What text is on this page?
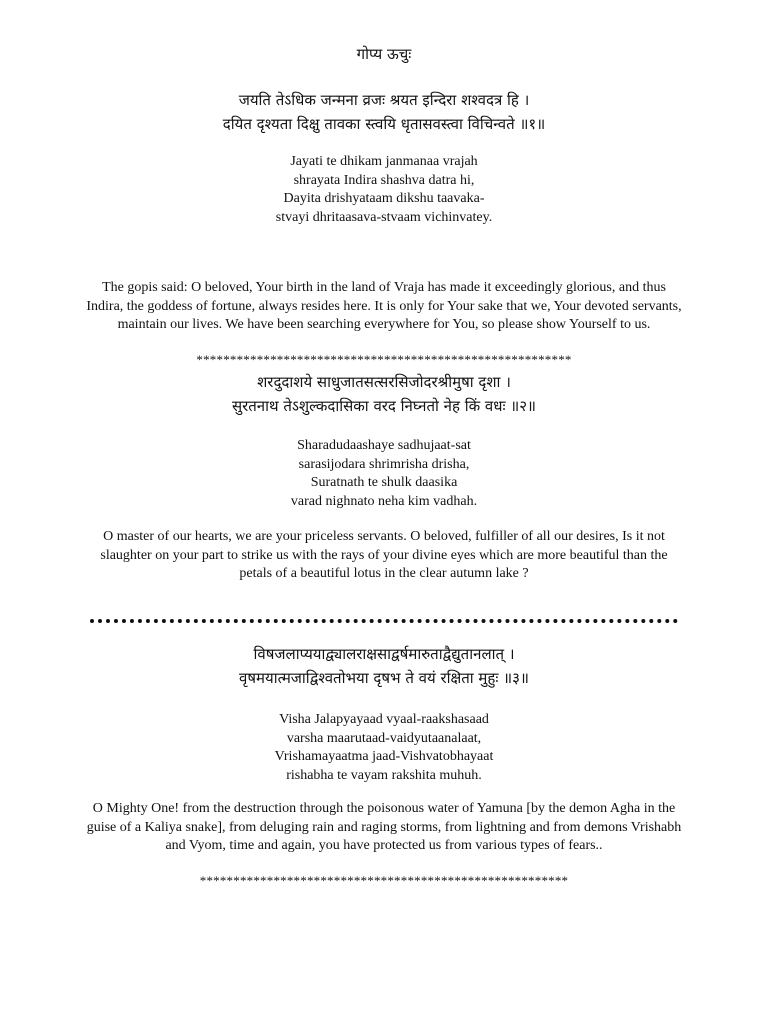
गोप्य ऊचुः
जयति तेऽधिक जन्मना व्रजः श्रयत इन्दिरा शश्वदत्र हि ।
दयित दृश्यता दिक्षु तावका स्त्वयि धृतासवस्त्वा विचिन्वते ॥१॥
Jayati te dhikam janmanaa vrajah
shrayata Indira shashva datra hi,
Dayita drishyataam dikshu taavaka-
stvayi dhritaasava-stvaam vichinvatey.
The gopis said: O beloved, Your birth in the land of Vraja has made it exceedingly glorious, and thus Indira, the goddess of fortune, always resides here. It is only for Your sake that we, Your devoted servants, maintain our lives. We have been searching everywhere for You, so please show Yourself to us.
********************************************************
शरदुदाशये साधुजातसत्सरसिजोदरश्रीमुषा दृशा ।
सुरतनाथ तेऽशुल्कदासिका वरद निघ्नतो नेह किं वधः ॥२॥
Sharadudaashaye sadhujaat-sat
sarasijodara shrimrisha drisha,
Suratnath te shulk daasika
varad nighnato neha kim vadhah.
O master of our hearts, we are your priceless servants. O beloved, fulfiller of all our desires, Is it not slaughter on your part to strike us with the rays of your divine eyes which are more beautiful than the petals of a beautiful lotus in the clear autumn lake ?
विषजलाप्ययाद्व्यालराक्षसाद्वर्षमारुताद्वैद्युतानलात् ।
वृषमयात्मजाद्विश्वतोभया दृषभ ते वयं रक्षिता मुहुः ॥३॥
Visha Jalapyayaad vyaal-raakshasaad
varsha maarutaad-vaidyutaanalaat,
Vrishamayaatma jaad-Vishvatobhayaat
rishabha te vayam rakshita muhuh.
O Mighty One! from the destruction through the poisonous water of Yamuna [by the demon Agha in the guise of a Kaliya snake], from deluging rain and raging storms, from lightning and from demons Vrishabh and Vyom, time and again, you have protected us from various types of fears..
*******************************************************
